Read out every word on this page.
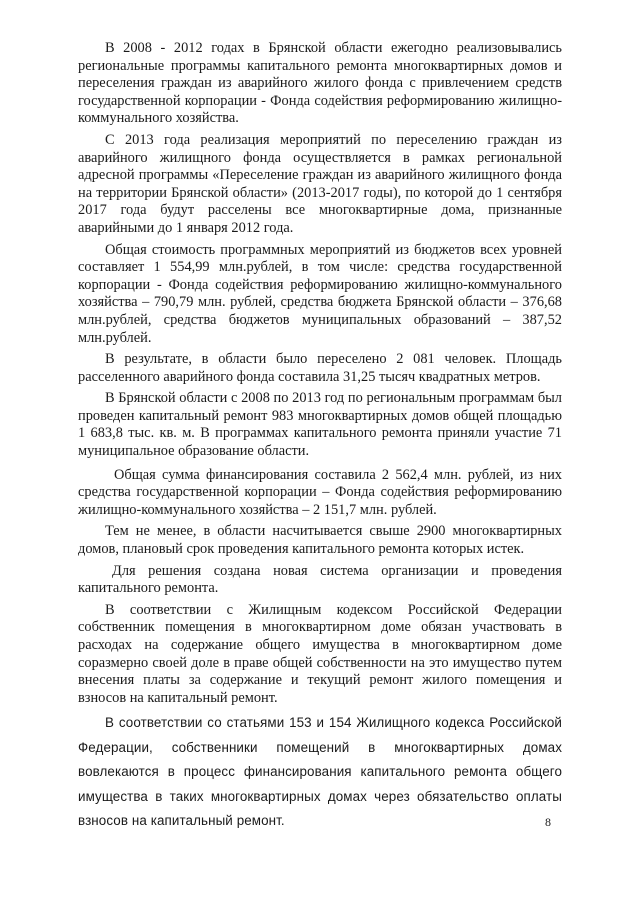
В 2008 - 2012 годах в Брянской области ежегодно реализовывались региональные программы капитального ремонта многоквартирных домов и переселения граждан из аварийного жилого фонда с привлечением средств государственной корпорации - Фонда содействия реформированию жилищно-коммунального хозяйства.

С 2013 года реализация мероприятий по переселению граждан из аварийного жилищного фонда осуществляется в рамках региональной адресной программы «Переселение граждан из аварийного жилищного фонда на территории Брянской области» (2013-2017 годы), по которой до 1 сентября 2017 года будут расселены все многоквартирные дома, признанные аварийными до 1 января 2012 года.

Общая стоимость программных мероприятий из бюджетов всех уровней составляет 1 554,99 млн.рублей, в том числе: средства государственной корпорации - Фонда содействия реформированию жилищно-коммунального хозяйства – 790,79 млн. рублей, средства бюджета Брянской области – 376,68 млн.рублей, средства бюджетов муниципальных образований – 387,52 млн.рублей.

В результате, в области было переселено 2 081 человек. Площадь расселенного аварийного фонда составила 31,25 тысяч квадратных метров.

В Брянской области с 2008 по 2013 год по региональным программам был проведен капитальный ремонт 983 многоквартирных домов общей площадью 1 683,8 тыс. кв. м. В программах капитального ремонта приняли участие 71 муниципальное образование области.

Общая сумма финансирования составила 2 562,4 млн. рублей, из них средства государственной корпорации – Фонда содействия реформированию жилищно-коммунального хозяйства – 2 151,7 млн. рублей.

Тем не менее, в области насчитывается свыше 2900 многоквартирных домов, плановый срок проведения капитального ремонта которых истек.

Для решения создана новая система организации и проведения капитального ремонта.

В соответствии с Жилищным кодексом Российской Федерации собственник помещения в многоквартирном доме обязан участвовать в расходах на содержание общего имущества в многоквартирном доме соразмерно своей доле в праве общей собственности на это имущество путем внесения платы за содержание и текущий ремонт жилого помещения и взносов на капитальный ремонт.

В соответствии со статьями 153 и 154 Жилищного кодекса Российской Федерации, собственники помещений в многоквартирных домах вовлекаются в процесс финансирования капитального ремонта общего имущества в таких многоквартирных домах через обязательство оплаты взносов на капитальный ремонт.	8
